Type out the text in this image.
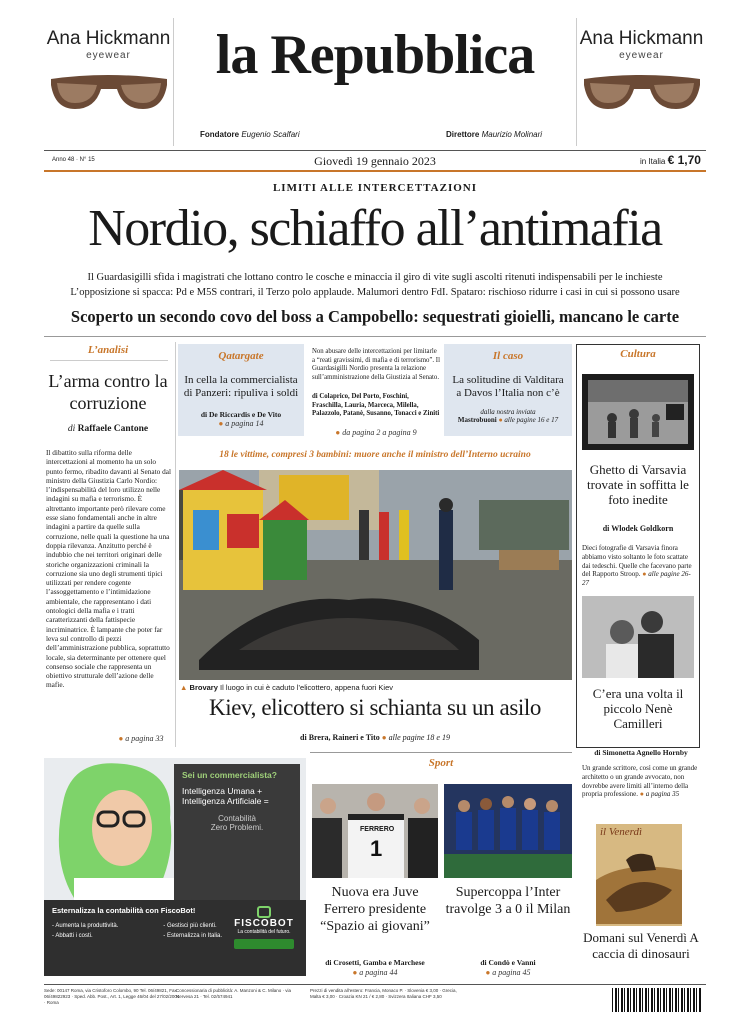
Ana Hickmann
eyewear
Ana Hickmann
eyewear
la Repubblica
Fondatore Eugenio Scalfari	Direttore Maurizio Molinari
Anno 48 · N° 15	Giovedì 19 gennaio 2023	in Italia € 1,70
LIMITI ALLE INTERCETTAZIONI
Nordio, schiaffo all’antimafia
Il Guardasigilli sfida i magistrati che lottano contro le cosche e minaccia il giro di vite sugli ascolti ritenuti indispensabili per le inchieste
L’opposizione si spacca: Pd e M5S contrari, il Terzo polo applaude. Malumori dentro FdI. Spataro: rischioso ridurre i casi in cui si possono usare
Scoperto un secondo covo del boss a Campobello: sequestrati gioielli, mancano le carte
L’analisi
L’arma contro la corruzione
di Raffaele Cantone
Il dibattito sulla riforma delle intercettazioni al momento ha un solo punto fermo, ribadito davanti al Senato dal ministro della Giustizia Carlo Nordio: l’indispensabilità del loro utilizzo nelle indagini su mafia e terrorismo. È altrettanto importante però rilevare come esse siano fondamentali anche in altre indagini a partire da quelle sulla corruzione, nelle quali la questione ha una doppia rilevanza. Anzitutto perché è indubbio che nei territori originari delle storiche organizzazioni criminali la corruzione sia uno degli strumenti tipici utilizzati per rendere cogente l’assoggettamento e l’intimidazione ambientale, che rappresentano i dati ontologici della mafia e i tratti caratterizzanti della fattispecie incriminatrice. È lampante che poter far leva sul controllo di pezzi dell’amministrazione pubblica, soprattutto locale, sia determinante per ottenere quel consenso sociale che rappresenta un obiettivo strutturale dell’azione delle mafie.
● a pagina 33
Qatargate
In cella la commercialista di Panzeri: ripuliva i soldi
di De Riccardis e De Vito
● a pagina 14
Non abusare delle intercettazioni per limitarle a “reati gravissimi, di mafia e di terrorismo”. Il Guardasigilli Nordio presenta la relazione sull’amministrazione della Giustizia al Senato.
di Colaprico, Del Porto, Foschini, Fraschilla, Lauria, Marceca, Milella, Palazzolo, Patanè, Susanno, Tonacci e Ziniti
● da pagina 2 a pagina 9
Il caso
La solitudine di Valditara a Davos l’Italia non c’è
dalla nostra inviata
Mastrobuoni ● alle pagine 16 e 17
18 le vittime, compresi 3 bambini: muore anche il ministro dell’Interno ucraino
▲ Brovary Il luogo in cui è caduto l’elicottero, appena fuori Kiev
Kiev, elicottero si schianta su un asilo
di Brera, Raineri e Tito ● alle pagine 18 e 19
Cultura
Ghetto di Varsavia trovate in soffitta le foto inedite
di Wlodek Goldkorn
Dieci fotografie di Varsavia finora abbiamo visto soltanto le foto scattate dai tedeschi. Quelle che facevano parte del Rapporto Stroop. ● alle pagine 26-27
C’era una volta il piccolo Nenè Camilleri
di Simonetta Agnello Hornby
Un grande scrittore, così come un grande architetto o un grande avvocato, non dovrebbe avere limiti all’interno della propria professione. ● a pagina 35
il Venerdì
Domani sul Venerdì A caccia di dinosauri
Sei un commercialista?
Intelligenza Umana +
Intelligenza Artificiale =
Contabilità
Zero Problemi.
Esternalizza la contabilità con FiscoBot!
- Aumenta la produttività.
- Abbatti i costi.
- Gestisci più clienti.
- Esternalizza in Italia.
FISCOBOT
La contabilità del futuro.
Sport
FERRERO
1
Nuova era Juve Ferrero presidente “Spazio ai giovani”
Supercoppa l’Inter travolge 3 a 0 il Milan
di Crosetti, Gamba e Marchese
● a pagina 44
di Condò e Vanni
● a pagina 45
Sede: 00147 Roma, via Cristoforo Colombo, 90 Tel. 06/49821, Fax 06/49822923 · Sped. Abb. Post., Art. 1, Legge 46/04 del 27/02/2004 · Roma
Concessionaria di pubblicità: A. Manzoni & C. Milano · via Nervesa 21 · Tel. 02/574941
Prezzi di vendita all’estero: Francia, Monaco P. · Slovenia € 3,00 · Grecia, Malta € 3,00 · Croazia KN 21 / € 2,80 · Svizzera Italiana CHF 3,50
